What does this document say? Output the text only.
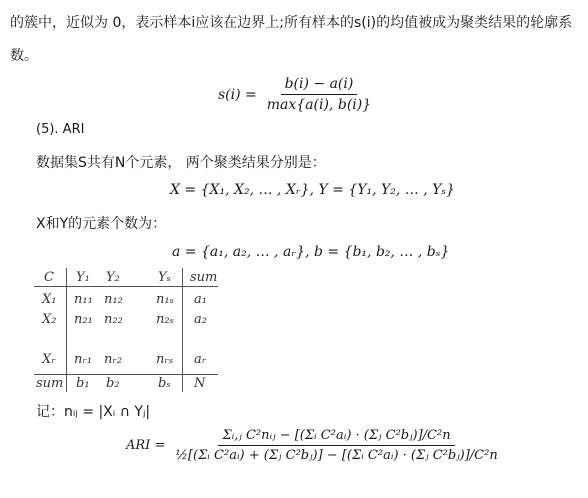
的簇中，近似为 0，表示样本i应该在边界上;所有样本的s(i)的均值被成为聚类结果的轮廓系
数。
$s(i) = \frac{b(i) - a(i)}{\max\{a(i), b(i)\}}$
(5). ARI
数据集S共有N个元素， 两个聚类结果分别是：
X = {X₁, X₂, … , Xᵣ}, Y = {Y₁, Y₂, … , Yₛ}
X和Y的元素个数为：
a = {a₁, a₂, … , aᵣ}, b = {b₁, b₂, … , bₛ}
C Y₁ Y₂	Yₛ sum
X₁ n₁₁ n₁₂	n₁ₛ a₁
X₂ n₂₁ n₂₂	n₂ₛ a₂
Xᵣ nᵣ₁ nᵣ₂	nᵣₛ aᵣ
sum b₁ b₂	bₛ N
记：nᵢⱼ = |Xᵢ ∩ Yⱼ|
ARI = $\frac{\text{Σᵢ,ⱼ C²nᵢⱼ − [(Σᵢ C²aᵢ) · (Σⱼ C²bⱼ)]/C²n}}{\text{½[(Σᵢ C²aᵢ) + (Σⱼ C²bⱼ)] − [(Σᵢ C²aᵢ) · (Σⱼ C²bⱼ)]/C²n}}$
